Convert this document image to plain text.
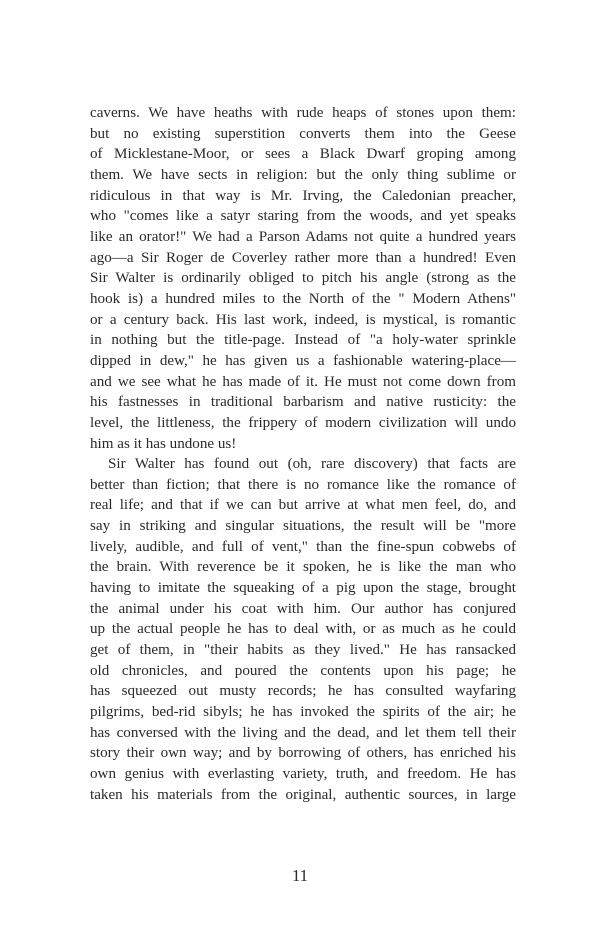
caverns. We have heaths with rude heaps of stones upon them:
but no existing superstition converts them into the Geese
of Micklestane-Moor, or sees a Black Dwarf groping among
them. We have sects in religion: but the only thing sublime or
ridiculous in that way is Mr. Irving, the Caledonian preacher,
who "comes like a satyr staring from the woods, and yet speaks
like an orator!" We had a Parson Adams not quite a hundred years
ago—a Sir Roger de Coverley rather more than a hundred! Even
Sir Walter is ordinarily obliged to pitch his angle (strong as the
hook is) a hundred miles to the North of the " Modern Athens"
or a century back. His last work, indeed, is mystical, is romantic
in nothing but the title-page. Instead of "a holy-water sprinkle
dipped in dew," he has given us a fashionable watering-place—
and we see what he has made of it. He must not come down from
his fastnesses in traditional barbarism and native rusticity: the
level, the littleness, the frippery of modern civilization will undo
him as it has undone us!
Sir Walter has found out (oh, rare discovery) that facts are
better than fiction; that there is no romance like the romance of
real life; and that if we can but arrive at what men feel, do, and
say in striking and singular situations, the result will be "more
lively, audible, and full of vent," than the fine-spun cobwebs of
the brain. With reverence be it spoken, he is like the man who
having to imitate the squeaking of a pig upon the stage, brought
the animal under his coat with him. Our author has conjured
up the actual people he has to deal with, or as much as he could
get of them, in "their habits as they lived." He has ransacked
old chronicles, and poured the contents upon his page; he
has squeezed out musty records; he has consulted wayfaring
pilgrims, bed-rid sibyls; he has invoked the spirits of the air; he
has conversed with the living and the dead, and let them tell their
story their own way; and by borrowing of others, has enriched his
own genius with everlasting variety, truth, and freedom. He has
taken his materials from the original, authentic sources, in large
11
